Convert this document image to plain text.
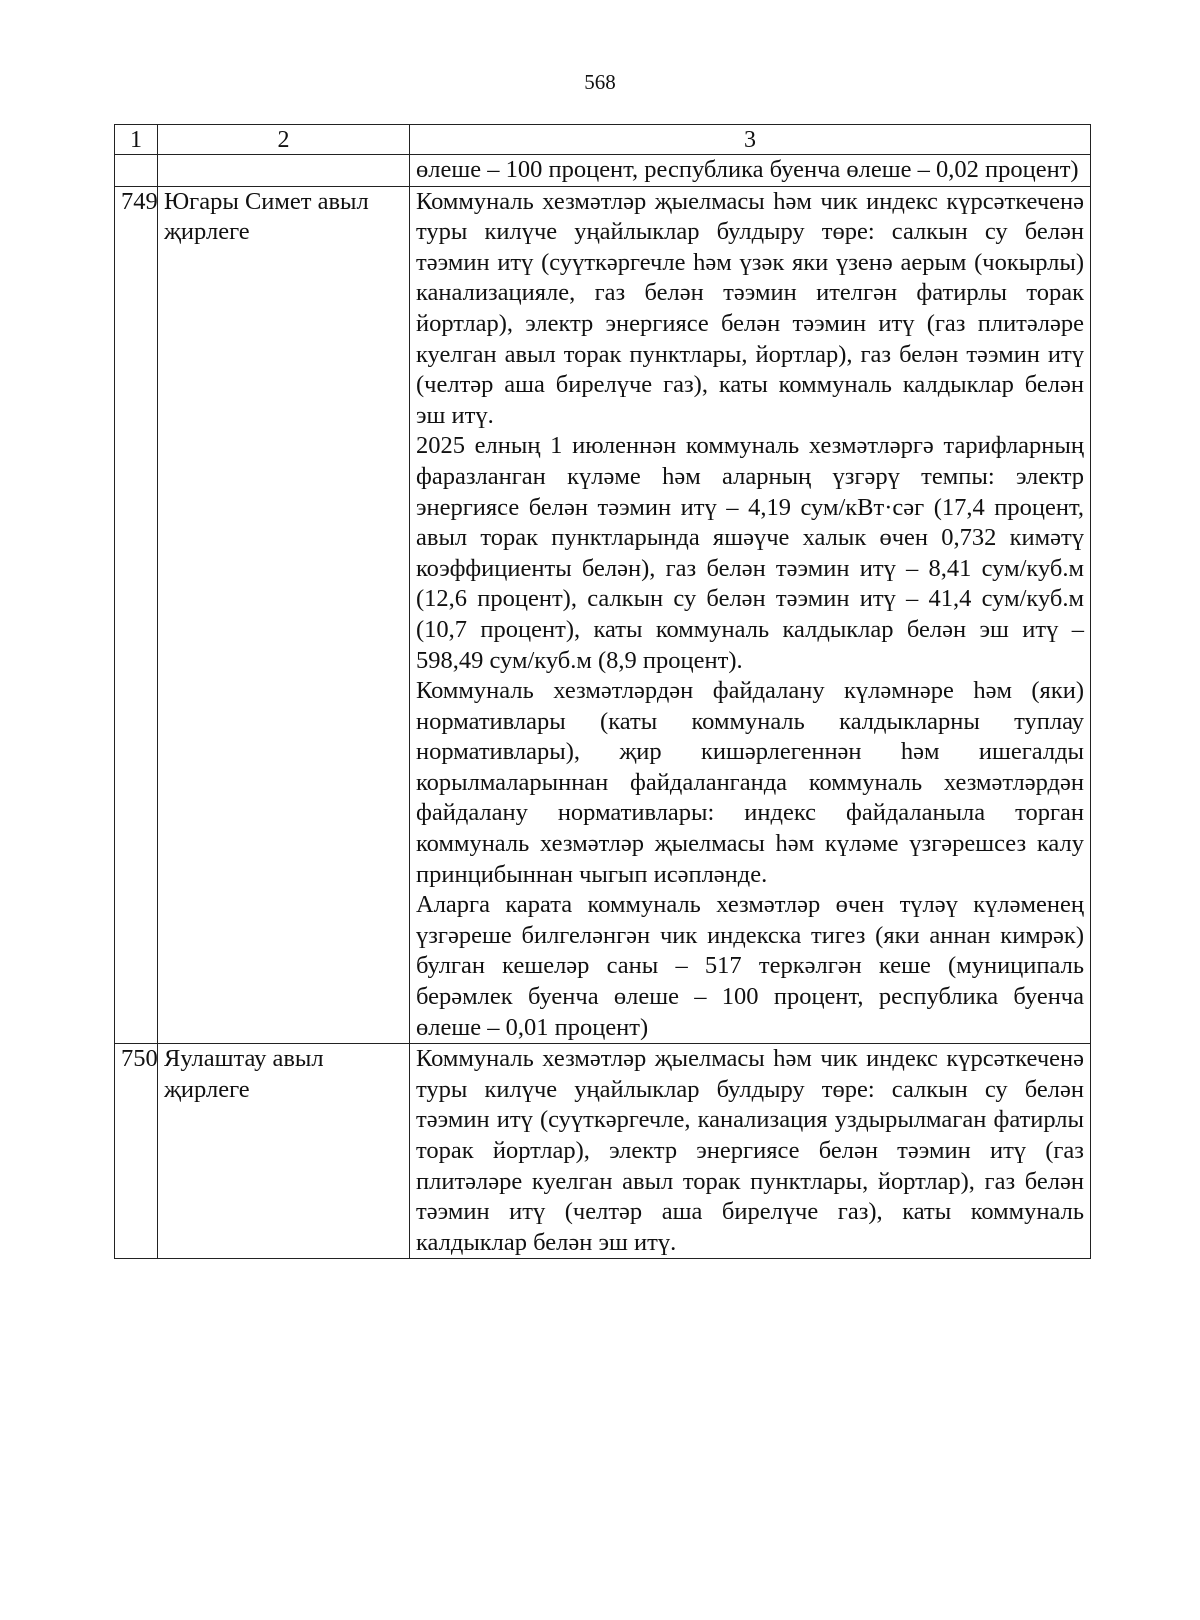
568
1	2	3

		өлеше – 100 процент, республика буенча өлеше – 0,02 процент)

749	Югары Симет авыл җирлеге	Коммуналь хезмәтләр җыелмасы һәм чик индекс күрсәткеченә туры килүче уңайлыклар булдыру төре: салкын су белән тәэмин итү (суүткәргечле һәм үзәк яки үзенә аерым (чокырлы) канализацияле, газ белән тәэмин ителгән фатирлы торак йортлар), электр энергиясе белән тәэмин итү (газ плитәләре куелган авыл торак пунктлары, йортлар), газ белән тәэмин итү (челтәр аша бирелүче газ), каты коммуналь калдыклар белән эш итү.

2025 елның 1 июленнән коммуналь хезмәтләргә тарифларның фаразланган күләме һәм аларның үзгәрү темпы: электр энергиясе белән тәэмин итү – 4,19 сум/кВт·сәг (17,4 процент, авыл торак пунктларында яшәүче халык өчен 0,732 кимәтү коэффициенты белән), газ белән тәэмин итү – 8,41 сум/куб.м (12,6 процент), салкын су белән тәэмин итү – 41,4 сум/куб.м (10,7 процент), каты коммуналь калдыклар белән эш итү – 598,49 сум/куб.м (8,9 процент).

Коммуналь хезмәтләрдән файдалану күләмнәре һәм (яки) нормативлары (каты коммуналь калдыкларны туплау нормативлары), җир кишәрлегеннән һәм ишегалды корылмаларыннан файдаланганда коммуналь хезмәтләрдән файдалану нормативлары: индекс файдаланыла торган коммуналь хезмәтләр җыелмасы һәм күләме үзгәрешсез калу принцибыннан чыгып исәпләнде.

Аларга карата коммуналь хезмәтләр өчен түләү күләменең үзгәреше билгеләнгән чик индекска тигез (яки аннан кимрәк) булган кешеләр саны – 517 теркәлгән кеше (муниципаль берәмлек буенча өлеше – 100 процент, республика буенча өлеше – 0,01 процент)

750	Яулаштау авыл җирлеге	Коммуналь хезмәтләр җыелмасы һәм чик индекс күрсәткеченә туры килүче уңайлыклар булдыру төре: салкын су белән тәэмин итү (суүткәргечле, канализация уздырылмаган фатирлы торак йортлар), электр энергиясе белән тәэмин итү (газ плитәләре куелган авыл торак пунктлары, йортлар), газ белән тәэмин итү (челтәр аша бирелүче газ), каты коммуналь калдыклар белән эш итү.
